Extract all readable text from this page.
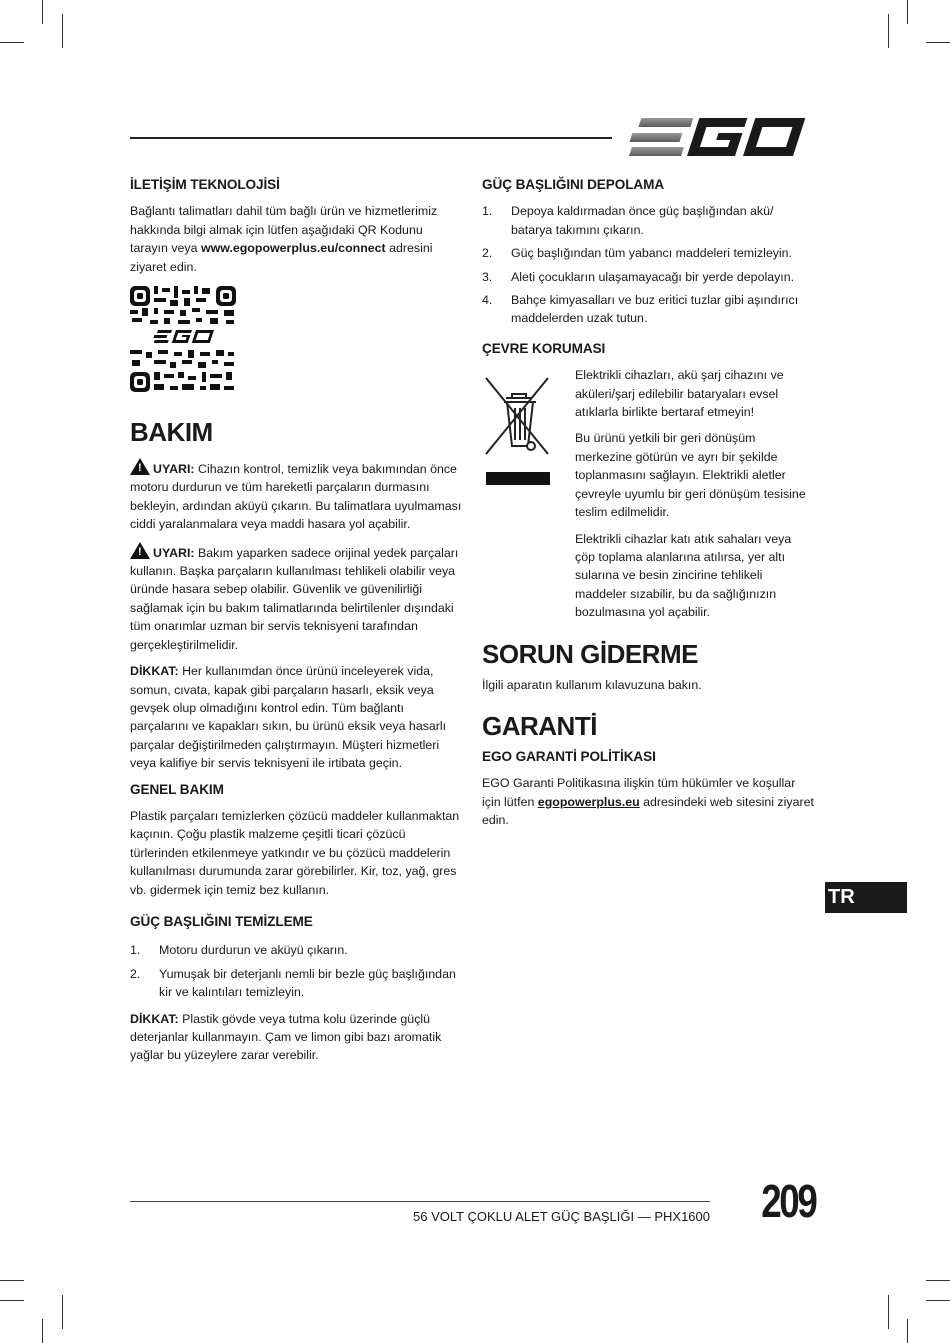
İLETİŞİM TEKNOLOJİSİ

Bağlantı talimatları dahil tüm bağlı ürün ve hizmetlerimiz hakkında bilgi almak için lütfen aşağıdaki QR Kodunu tarayın veya www.egopowerplus.eu/connect adresini ziyaret edin.

BAKIM

!UYARI: Cihazın kontrol, temizlik veya bakımından önce motoru durdurun ve tüm hareketli parçaların durmasını bekleyin, ardından aküyü çıkarın. Bu talimatlara uyulmaması ciddi yaralanmalara veya maddi hasara yol açabilir.

!UYARI: Bakım yaparken sadece orijinal yedek parçaları kullanın. Başka parçaların kullanılması tehlikeli olabilir veya üründe hasara sebep olabilir. Güvenlik ve güvenilirliği sağlamak için bu bakım talimatlarında belirtilenler dışındaki tüm onarımlar uzman bir servis teknisyeni tarafından gerçekleştirilmelidir.

DİKKAT: Her kullanımdan önce ürünü inceleyerek vida, somun, cıvata, kapak gibi parçaların hasarlı, eksik veya gevşek olup olmadığını kontrol edin. Tüm bağlantı parçalarını ve kapakları sıkın, bu ürünü eksik veya hasarlı parçalar değiştirilmeden çalıştırmayın. Müşteri hizmetleri veya kalifiye bir servis teknisyeni ile irtibata geçin.

GENEL BAKIM

Plastik parçaları temizlerken çözücü maddeler kullanmaktan kaçının. Çoğu plastik malzeme çeşitli ticari çözücü türlerinden etkilenmeye yatkındır ve bu çözücü maddelerin kullanılması durumunda zarar görebilirler. Kir, toz, yağ, gres vb. gidermek için temiz bez kullanın.

GÜÇ BAŞLIĞINI TEMİZLEME
1. Motoru durdurun ve aküyü çıkarın.
2. Yumuşak bir deterjanlı nemli bir bezle güç başlığından kir ve kalıntıları temizleyin.

DİKKAT: Plastik gövde veya tutma kolu üzerinde güçlü deterjanlar kullanmayın. Çam ve limon gibi bazı aromatik yağlar bu yüzeylere zarar verebilir.

GÜÇ BAŞLIĞINI DEPOLAMA
1. Depoya kaldırmadan önce güç başlığından akü/ batarya takımını çıkarın.
2. Güç başlığından tüm yabancı maddeleri temizleyin.
3. Aleti çocukların ulaşamayacağı bir yerde depolayın.
4. Bahçe kimyasalları ve buz eritici tuzlar gibi aşındırıcı maddelerden uzak tutun.
ÇEVRE KORUMASI

Elektrikli cihazları, akü şarj cihazını ve aküleri/şarj edilebilir bataryaları evsel atıklarla birlikte bertaraf etmeyin!

Bu ürünü yetkili bir geri dönüşüm merkezine götürün ve ayrı bir şekilde toplanmasını sağlayın. Elektrikli aletler çevreyle uyumlu bir geri dönüşüm tesisine teslim edilmelidir.

Elektrikli cihazlar katı atık sahaları veya çöp toplama alanlarına atılırsa, yer altı sularına ve besin zincirine tehlikeli maddeler sızabilir, bu da sağlığınızın bozulmasına yol açabilir.

SORUN GİDERME

İlgili aparatın kullanım kılavuzuna bakın.

GARANTİ
EGO GARANTİ POLİTİKASI

EGO Garanti Politikasına ilişkin tüm hükümler ve koşullar için lütfen egopowerplus.eu adresindeki web sitesini ziyaret edin.

TR
56 VOLT ÇOKLU ALET GÜÇ BAŞLIĞI — PHX1600 209
